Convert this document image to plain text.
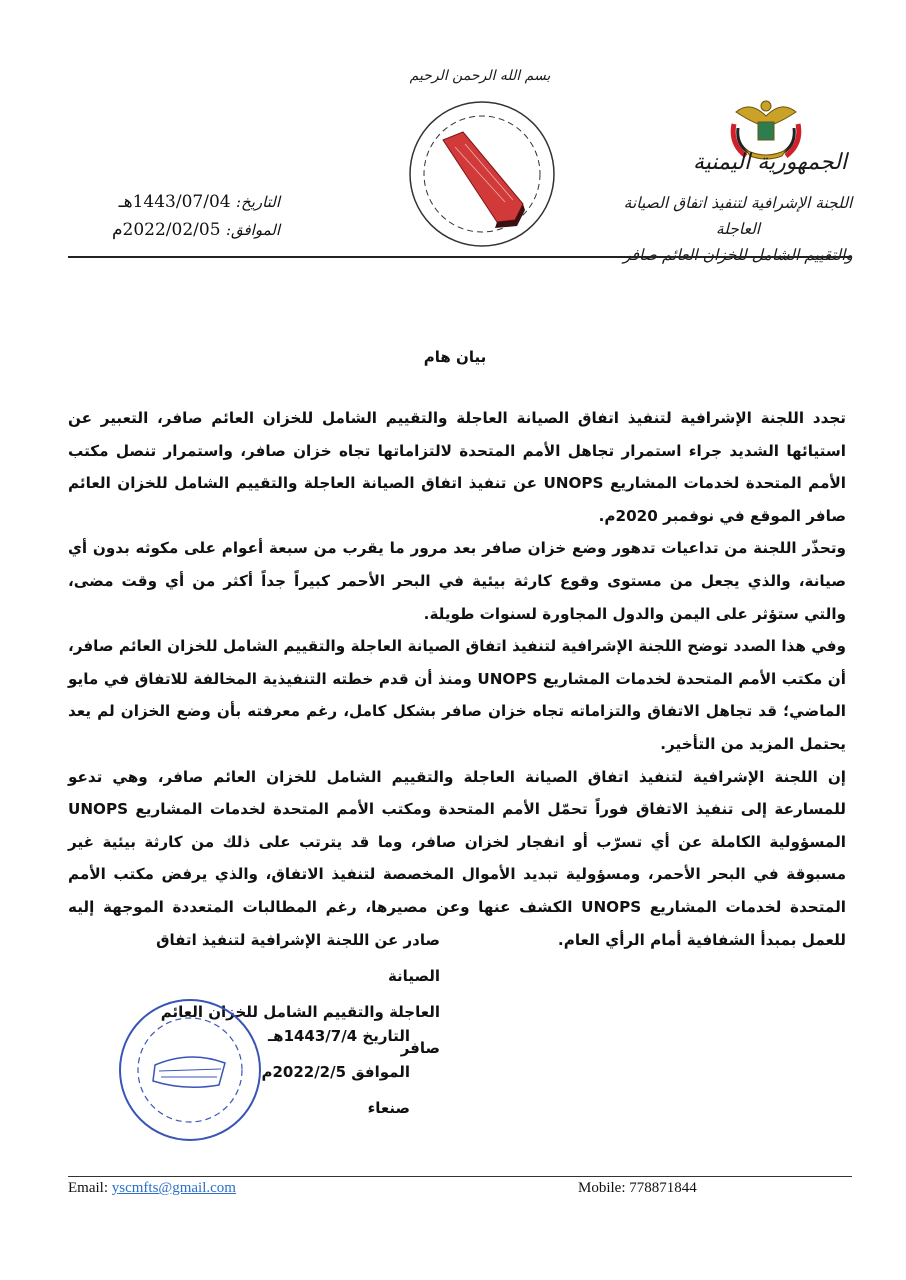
بسم الله الرحمن الرحيم
الجمهورية اليمنية
اللجنة الإشرافية لتنفيذ اتفاق الصيانة العاجلة
والتقييم الشامل للخزان العائم صافر
التاريخ: 1443/07/04هـ
الموافق: 2022/02/05م
بيان هام

تجدد اللجنة الإشرافية لتنفيذ اتفاق الصيانة العاجلة والتقييم الشامل للخزان العائم صافر، التعبير عن استيائها الشديد جراء استمرار تجاهل الأمم المتحدة لالتزاماتها تجاه خزان صافر، واستمرار تنصل مكتب الأمم المتحدة لخدمات المشاريع UNOPS عن تنفيذ اتفاق الصيانة العاجلة والتقييم الشامل للخزان العائم صافر الموقع في نوفمبر 2020م.

وتحذّر اللجنة من تداعيات تدهور وضع خزان صافر بعد مرور ما يقرب من سبعة أعوام على مكوثه بدون أي صيانة، والذي يجعل من مستوى وقوع كارثة بيئية في البحر الأحمر كبيراً جداً أكثر من أي وقت مضى، والتي ستؤثر على اليمن والدول المجاورة لسنوات طويلة.

وفي هذا الصدد توضح اللجنة الإشرافية لتنفيذ اتفاق الصيانة العاجلة والتقييم الشامل للخزان العائم صافر، أن مكتب الأمم المتحدة لخدمات المشاريع UNOPS ومنذ أن قدم خطته التنفيذية المخالفة للاتفاق في مايو الماضي؛ قد تجاهل الاتفاق والتزاماته تجاه خزان صافر بشكل كامل، رغم معرفته بأن وضع الخزان لم يعد يحتمل المزيد من التأخير.

إن اللجنة الإشرافية لتنفيذ اتفاق الصيانة العاجلة والتقييم الشامل للخزان العائم صافر، وهي تدعو للمسارعة إلى تنفيذ الاتفاق فوراً تحمّل الأمم المتحدة ومكتب الأمم المتحدة لخدمات المشاريع UNOPS المسؤولية الكاملة عن أي تسرّب أو انفجار لخزان صافر، وما قد يترتب على ذلك من كارثة بيئية غير مسبوقة في البحر الأحمر، ومسؤولية تبديد الأموال المخصصة لتنفيذ الاتفاق، والذي يرفض مكتب الأمم المتحدة لخدمات المشاريع UNOPS الكشف عنها وعن مصيرها، رغم المطالبات المتعددة الموجهة إليه للعمل بمبدأ الشفافية أمام الرأي العام.

صادر عن اللجنة الإشرافية لتنفيذ اتفاق الصيانة
العاجلة والتقييم الشامل للخزان العائم صافر
التاريخ 1443/7/4هـ
الموافق 2022/2/5م
صنعاء
Email: yscmfts@gmail.com	Mobile: 778871844
